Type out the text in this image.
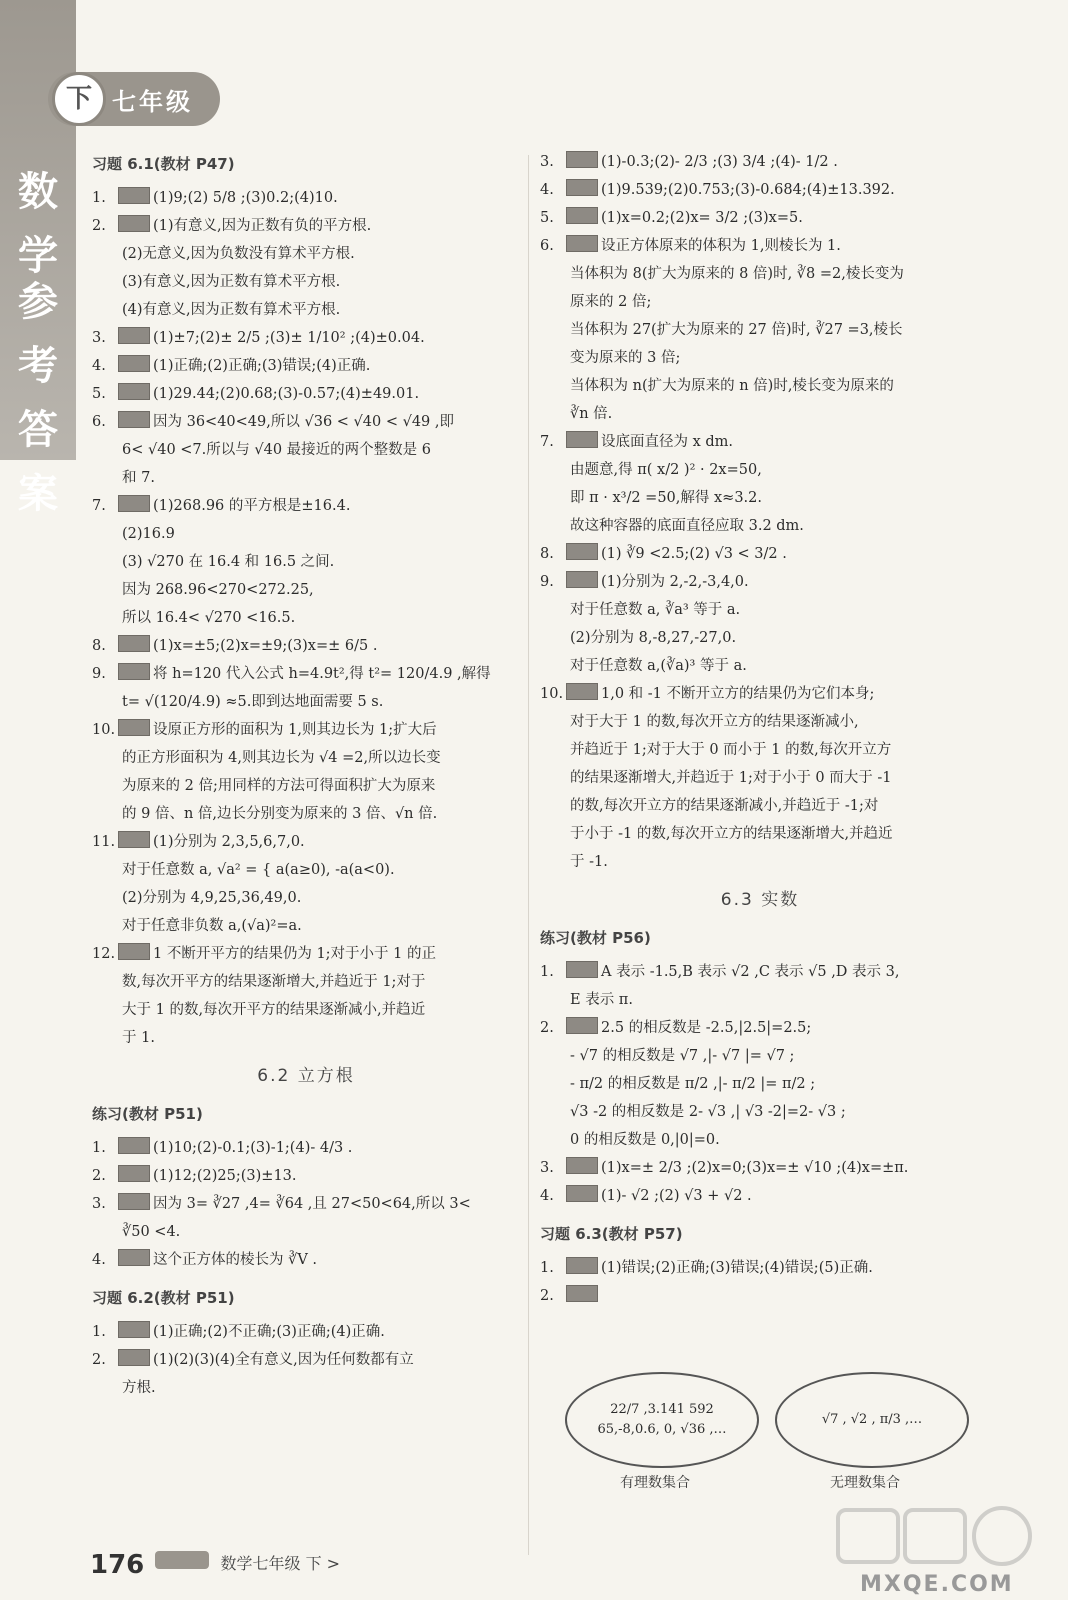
下 七年级
数
学
参
考
答
案
习题 6.1(教材 P47)
1.	(1)9;(2) 5/8 ;(3)0.2;(4)10.
2.	(1)有意义,因为正数有负的平方根.
(2)无意义,因为负数没有算术平方根.
(3)有意义,因为正数有算术平方根.
(4)有意义,因为正数有算术平方根.
3.	(1)±7;(2)± 2/5 ;(3)± 1/10² ;(4)±0.04.
4.	(1)正确;(2)正确;(3)错误;(4)正确.
5.	(1)29.44;(2)0.68;(3)-0.57;(4)±49.01.
6.	因为 36<40<49,所以 √36 < √40 < √49 ,即
6< √40 <7.所以与 √40 最接近的两个整数是 6
和 7.
7.	(1)268.96 的平方根是±16.4.
(2)16.9
(3) √270 在 16.4 和 16.5 之间.
因为 268.96<270<272.25,
所以 16.4< √270 <16.5.
8.	(1)x=±5;(2)x=±9;(3)x=± 6/5 .
9.	将 h=120 代入公式 h=4.9t²,得 t²= 120/4.9 ,解得
t= √(120/4.9) ≈5.即到达地面需要 5 s.
10.	设原正方形的面积为 1,则其边长为 1;扩大后
的正方形面积为 4,则其边长为 √4 =2,所以边长变
为原来的 2 倍;用同样的方法可得面积扩大为原来
的 9 倍、n 倍,边长分别变为原来的 3 倍、√n 倍.
11.	(1)分别为 2,3,5,6,7,0.
对于任意数 a, √a² = { a(a≥0), -a(a<0).
(2)分别为 4,9,25,36,49,0.
对于任意非负数 a,(√a)²=a.
12.	1 不断开平方的结果仍为 1;对于小于 1 的正
数,每次开平方的结果逐渐增大,并趋近于 1;对于
大于 1 的数,每次开平方的结果逐渐减小,并趋近
于 1.
6.2 立方根
练习(教材 P51)
1.	(1)10;(2)-0.1;(3)-1;(4)- 4/3 .
2.	(1)12;(2)25;(3)±13.
3.	因为 3= ∛27 ,4= ∛64 ,且 27<50<64,所以 3<
∛50 <4.
4.	这个正方体的棱长为 ∛V .
习题 6.2(教材 P51)
1.	(1)正确;(2)不正确;(3)正确;(4)正确.
2.	(1)(2)(3)(4)全有意义,因为任何数都有立
方根.
3.	(1)-0.3;(2)- 2/3 ;(3) 3/4 ;(4)- 1/2 .
4.	(1)9.539;(2)0.753;(3)-0.684;(4)±13.392.
5.	(1)x=0.2;(2)x= 3/2 ;(3)x=5.
6.	设正方体原来的体积为 1,则棱长为 1.
当体积为 8(扩大为原来的 8 倍)时, ∛8 =2,棱长变为
原来的 2 倍;
当体积为 27(扩大为原来的 27 倍)时, ∛27 =3,棱长
变为原来的 3 倍;
当体积为 n(扩大为原来的 n 倍)时,棱长变为原来的
∛n 倍.
7.	设底面直径为 x dm.
由题意,得 π( x/2 )² · 2x=50,
即 π · x³/2 =50,解得 x≈3.2.
故这种容器的底面直径应取 3.2 dm.
8.	(1) ∛9 <2.5;(2) √3 < 3/2 .
9.	(1)分别为 2,-2,-3,4,0.
对于任意数 a, ∛a³ 等于 a.
(2)分别为 8,-8,27,-27,0.
对于任意数 a,(∛a)³ 等于 a.
10.	1,0 和 -1 不断开立方的结果仍为它们本身;
对于大于 1 的数,每次开立方的结果逐渐减小,
并趋近于 1;对于大于 0 而小于 1 的数,每次开立方
的结果逐渐增大,并趋近于 1;对于小于 0 而大于 -1
的数,每次开立方的结果逐渐减小,并趋近于 -1;对
于小于 -1 的数,每次开立方的结果逐渐增大,并趋近
于 -1.
6.3 实数
练习(教材 P56)
1.	A 表示 -1.5,B 表示 √2 ,C 表示 √5 ,D 表示 3,
E 表示 π.
2.	2.5 的相反数是 -2.5,|2.5|=2.5;
- √7 的相反数是 √7 ,|- √7 |= √7 ;
- π/2 的相反数是 π/2 ,|- π/2 |= π/2 ;
√3 -2 的相反数是 2- √3 ,| √3 -2|=2- √3 ;
0 的相反数是 0,|0|=0.
3.	(1)x=± 2/3 ;(2)x=0;(3)x=± √10 ;(4)x=±π.
4.	(1)- √2 ;(2) √3 + √2 .
习题 6.3(教材 P57)
1.	(1)错误;(2)正确;(3)错误;(4)错误;(5)正确.
2.
22/7 ,3.141 592 65,-8,0.6, 0, √36 ,…
√7 , √2 , π/3 ,…
有理数集合	无理数集合
176	数学七年级 下 >
MXQE.COM
